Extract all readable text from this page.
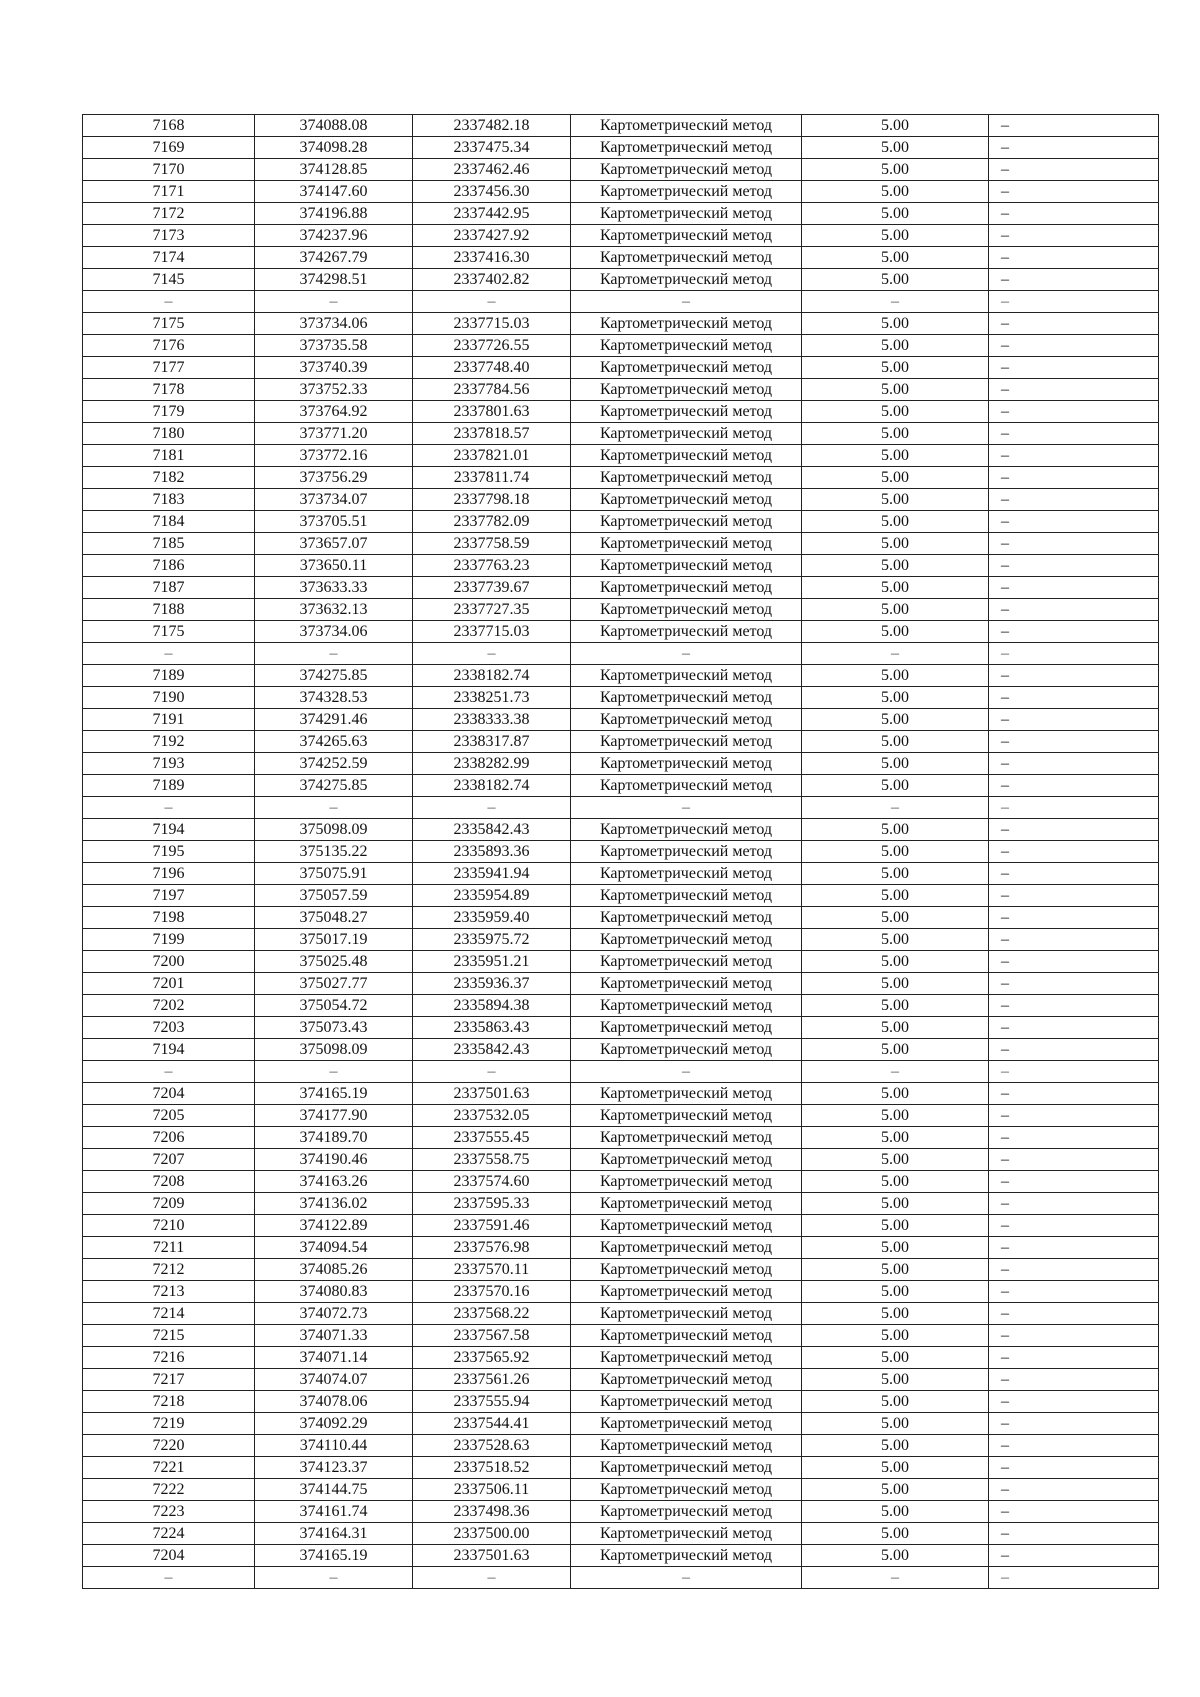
7168	374088.08	2337482.18	Картометрический метод	5.00	–
7169	374098.28	2337475.34	Картометрический метод	5.00	–
7170	374128.85	2337462.46	Картометрический метод	5.00	–
7171	374147.60	2337456.30	Картометрический метод	5.00	–
7172	374196.88	2337442.95	Картометрический метод	5.00	–
7173	374237.96	2337427.92	Картометрический метод	5.00	–
7174	374267.79	2337416.30	Картометрический метод	5.00	–
7145	374298.51	2337402.82	Картометрический метод	5.00	–
–	–	–	–	–	–
7175	373734.06	2337715.03	Картометрический метод	5.00	–
7176	373735.58	2337726.55	Картометрический метод	5.00	–
7177	373740.39	2337748.40	Картометрический метод	5.00	–
7178	373752.33	2337784.56	Картометрический метод	5.00	–
7179	373764.92	2337801.63	Картометрический метод	5.00	–
7180	373771.20	2337818.57	Картометрический метод	5.00	–
7181	373772.16	2337821.01	Картометрический метод	5.00	–
7182	373756.29	2337811.74	Картометрический метод	5.00	–
7183	373734.07	2337798.18	Картометрический метод	5.00	–
7184	373705.51	2337782.09	Картометрический метод	5.00	–
7185	373657.07	2337758.59	Картометрический метод	5.00	–
7186	373650.11	2337763.23	Картометрический метод	5.00	–
7187	373633.33	2337739.67	Картометрический метод	5.00	–
7188	373632.13	2337727.35	Картометрический метод	5.00	–
7175	373734.06	2337715.03	Картометрический метод	5.00	–
–	–	–	–	–	–
7189	374275.85	2338182.74	Картометрический метод	5.00	–
7190	374328.53	2338251.73	Картометрический метод	5.00	–
7191	374291.46	2338333.38	Картометрический метод	5.00	–
7192	374265.63	2338317.87	Картометрический метод	5.00	–
7193	374252.59	2338282.99	Картометрический метод	5.00	–
7189	374275.85	2338182.74	Картометрический метод	5.00	–
–	–	–	–	–	–
7194	375098.09	2335842.43	Картометрический метод	5.00	–
7195	375135.22	2335893.36	Картометрический метод	5.00	–
7196	375075.91	2335941.94	Картометрический метод	5.00	–
7197	375057.59	2335954.89	Картометрический метод	5.00	–
7198	375048.27	2335959.40	Картометрический метод	5.00	–
7199	375017.19	2335975.72	Картометрический метод	5.00	–
7200	375025.48	2335951.21	Картометрический метод	5.00	–
7201	375027.77	2335936.37	Картометрический метод	5.00	–
7202	375054.72	2335894.38	Картометрический метод	5.00	–
7203	375073.43	2335863.43	Картометрический метод	5.00	–
7194	375098.09	2335842.43	Картометрический метод	5.00	–
–	–	–	–	–	–
7204	374165.19	2337501.63	Картометрический метод	5.00	–
7205	374177.90	2337532.05	Картометрический метод	5.00	–
7206	374189.70	2337555.45	Картометрический метод	5.00	–
7207	374190.46	2337558.75	Картометрический метод	5.00	–
7208	374163.26	2337574.60	Картометрический метод	5.00	–
7209	374136.02	2337595.33	Картометрический метод	5.00	–
7210	374122.89	2337591.46	Картометрический метод	5.00	–
7211	374094.54	2337576.98	Картометрический метод	5.00	–
7212	374085.26	2337570.11	Картометрический метод	5.00	–
7213	374080.83	2337570.16	Картометрический метод	5.00	–
7214	374072.73	2337568.22	Картометрический метод	5.00	–
7215	374071.33	2337567.58	Картометрический метод	5.00	–
7216	374071.14	2337565.92	Картометрический метод	5.00	–
7217	374074.07	2337561.26	Картометрический метод	5.00	–
7218	374078.06	2337555.94	Картометрический метод	5.00	–
7219	374092.29	2337544.41	Картометрический метод	5.00	–
7220	374110.44	2337528.63	Картометрический метод	5.00	–
7221	374123.37	2337518.52	Картометрический метод	5.00	–
7222	374144.75	2337506.11	Картометрический метод	5.00	–
7223	374161.74	2337498.36	Картометрический метод	5.00	–
7224	374164.31	2337500.00	Картометрический метод	5.00	–
7204	374165.19	2337501.63	Картометрический метод	5.00	–
–	–	–	–	–	–
